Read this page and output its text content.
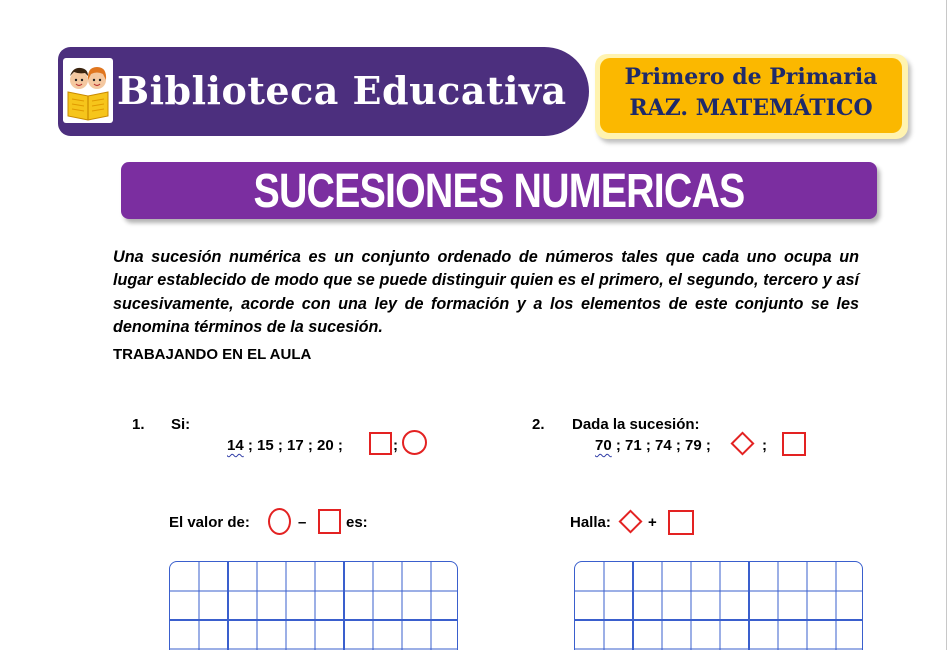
Biblioteca Educativa	Primero de Primaria
RAZ. MATEMÁTICO
SUCESIONES NUMERICAS

Una sucesión numérica es un conjunto ordenado de números tales que cada uno ocupa un lugar establecido de modo que se puede distinguir quien es el primero, el segundo, tercero y así sucesivamente, acorde con una ley de formación y a los elementos de este conjunto se les denomina términos de la sucesión.

TRABAJANDO EN EL AULA
1. Si:
14 ; 15 ; 17 ; 20 ;	;
El valor de:	–	es:
2. Dada la sucesión:
70 ; 71 ; 74 ; 79 ;	;
Halla: +
